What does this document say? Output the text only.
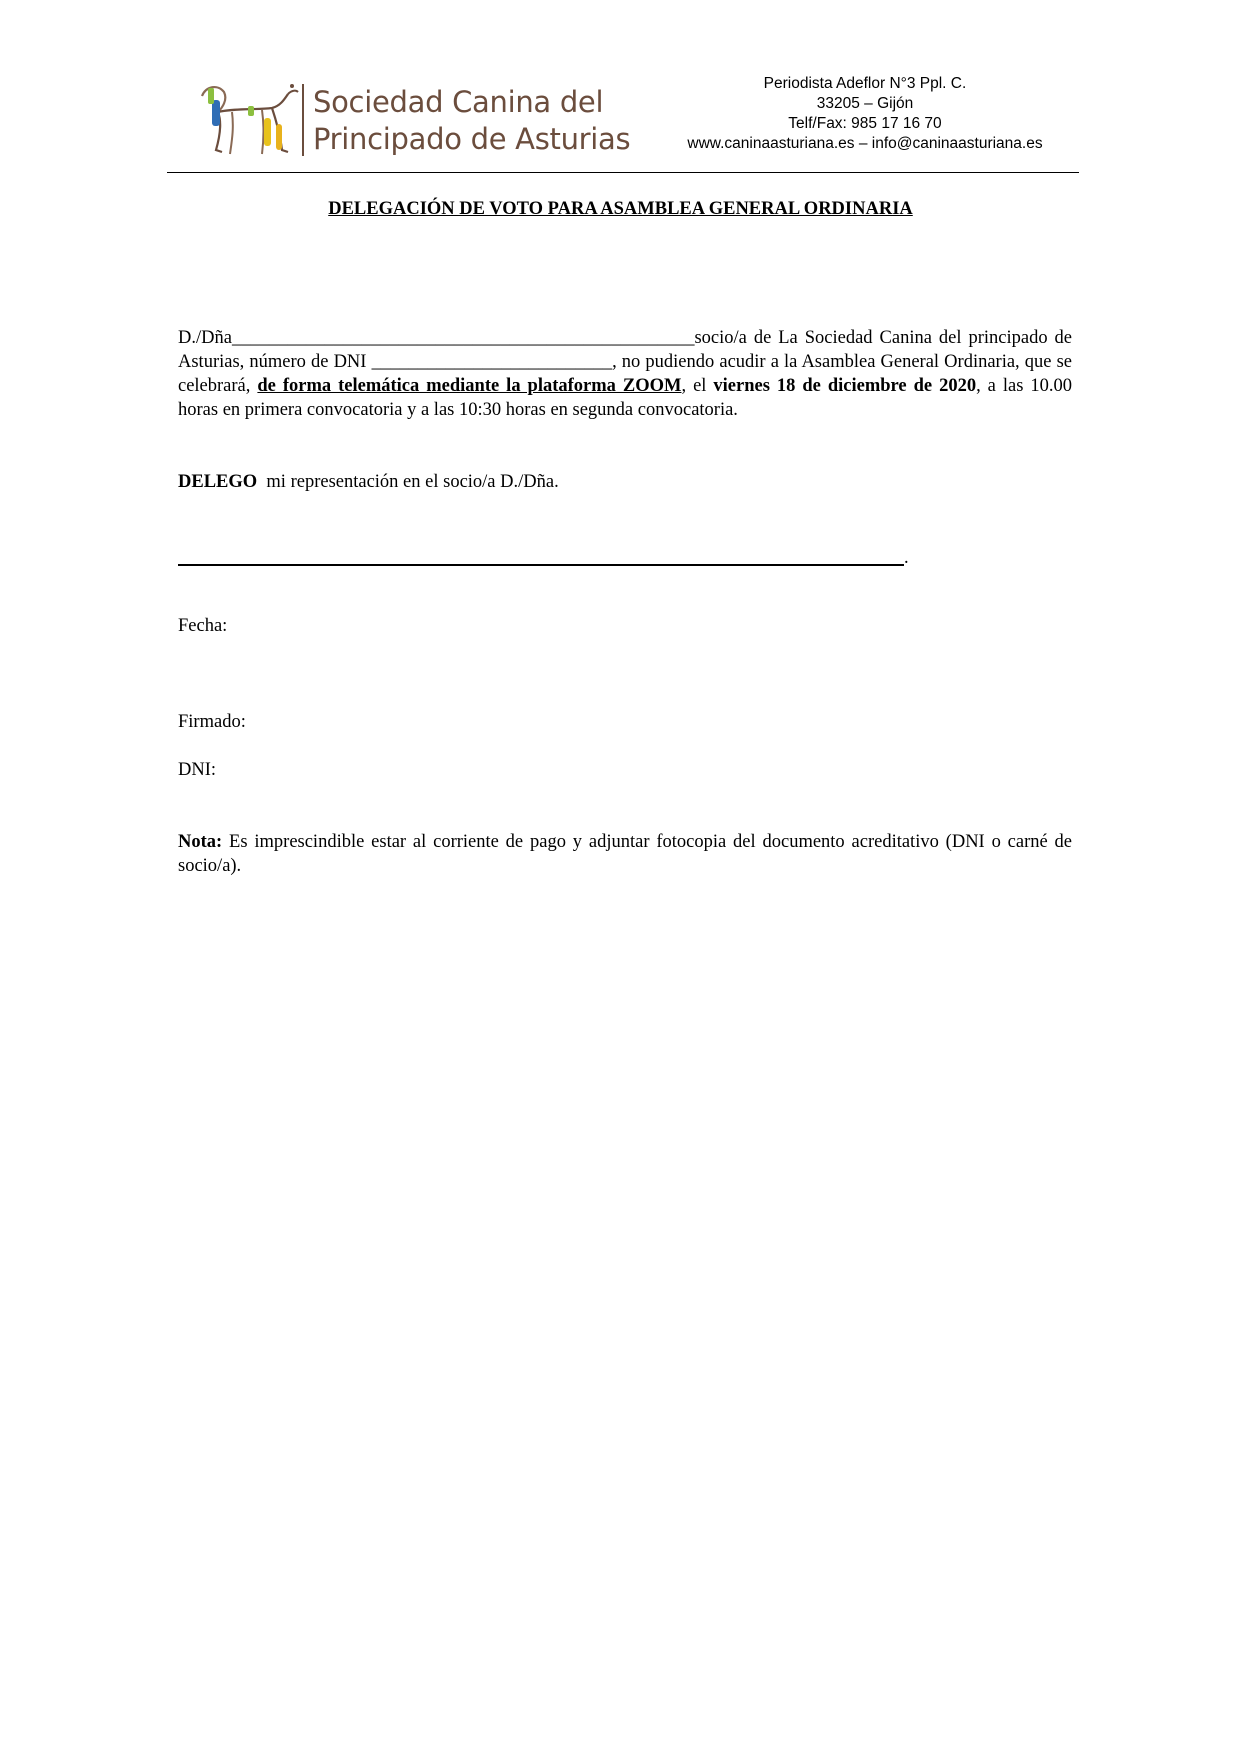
Sociedad Canina del
Principado de Asturias
Periodista Adeflor N°3 Ppl. C.
33205 – Gijón
Telf/Fax: 985 17 16 70
www.caninaasturiana.es – info@caninaasturiana.es
DELEGACIÓN DE VOTO PARA ASAMBLEA GENERAL ORDINARIA
D./Dña__________________________________________________socio/a de La Sociedad Canina del principado de Asturias, número de DNI __________________________, no pudiendo acudir a la Asamblea General Ordinaria, que se celebrará, de forma telemática mediante la plataforma ZOOM, el viernes 18 de diciembre de 2020, a las 10.00 horas en primera convocatoria y a las 10:30 horas en segunda convocatoria.
DELEGO mi representación en el socio/a D./Dña.
.
Fecha:
Firmado:
DNI:
Nota: Es imprescindible estar al corriente de pago y adjuntar fotocopia del documento acreditativo (DNI o carné de socio/a).
